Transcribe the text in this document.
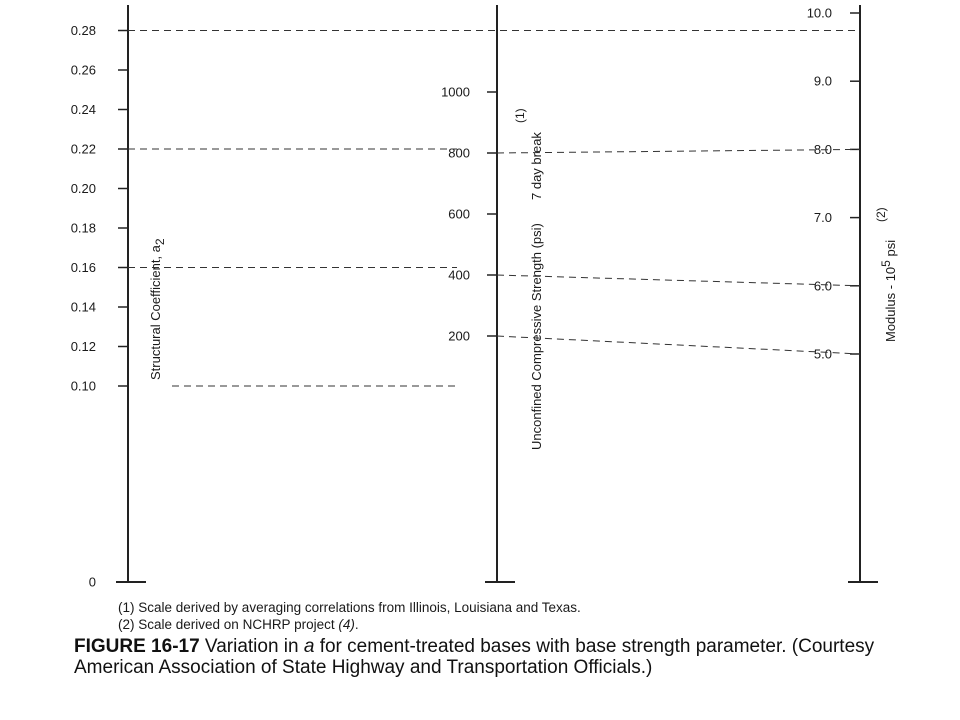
0.28
0.26
0.24
0.22
0.20
0.18
0.16
0.14
0.12
0.10
0
1000
800
600
400
200
10.0
9.0
8.0
7.0
6.0
5.0
Structural Coefficient, a2	Unconfined Compressive Strength (psi)
7 day break
(1)
Modulus - 105 psi
(2)
(1) Scale derived by averaging correlations from Illinois, Louisiana and Texas.
(2) Scale derived on NCHRP project (4).
FIGURE 16-17 Variation in a for cement-treated bases with base strength parameter. (Courtesy American Association of State Highway and Transportation Officials.)
